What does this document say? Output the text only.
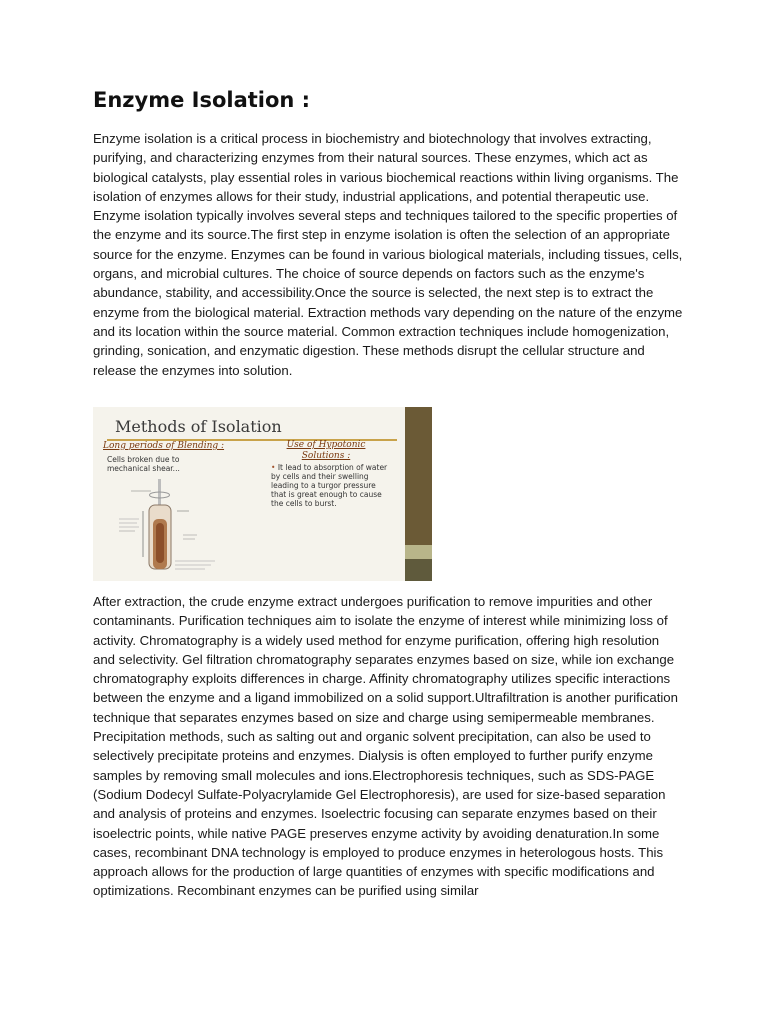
Enzyme Isolation :

Enzyme isolation is a critical process in biochemistry and biotechnology that involves extracting, purifying, and characterizing enzymes from their natural sources. These enzymes, which act as biological catalysts, play essential roles in various biochemical reactions within living organisms. The isolation of enzymes allows for their study, industrial applications, and potential therapeutic use. Enzyme isolation typically involves several steps and techniques tailored to the specific properties of the enzyme and its source.The first step in enzyme isolation is often the selection of an appropriate source for the enzyme. Enzymes can be found in various biological materials, including tissues, cells, organs, and microbial cultures. The choice of source depends on factors such as the enzyme's abundance, stability, and accessibility.Once the source is selected, the next step is to extract the enzyme from the biological material. Extraction methods vary depending on the nature of the enzyme and its location within the source material. Common extraction techniques include homogenization, grinding, sonication, and enzymatic digestion. These methods disrupt the cellular structure and release the enzymes into solution.

Methods of Isolation
Long periods of Blending :	Use of Hypotonic Solutions :
Cells broken due to mechanical shear...	• It lead to absorption of water by cells and their swelling leading to a turgor pressure that is great enough to cause the cells to burst.

After extraction, the crude enzyme extract undergoes purification to remove impurities and other contaminants. Purification techniques aim to isolate the enzyme of interest while minimizing loss of activity. Chromatography is a widely used method for enzyme purification, offering high resolution and selectivity. Gel filtration chromatography separates enzymes based on size, while ion exchange chromatography exploits differences in charge. Affinity chromatography utilizes specific interactions between the enzyme and a ligand immobilized on a solid support.Ultrafiltration is another purification technique that separates enzymes based on size and charge using semipermeable membranes. Precipitation methods, such as salting out and organic solvent precipitation, can also be used to selectively precipitate proteins and enzymes. Dialysis is often employed to further purify enzyme samples by removing small molecules and ions.Electrophoresis techniques, such as SDS-PAGE (Sodium Dodecyl Sulfate-Polyacrylamide Gel Electrophoresis), are used for size-based separation and analysis of proteins and enzymes. Isoelectric focusing can separate enzymes based on their isoelectric points, while native PAGE preserves enzyme activity by avoiding denaturation.In some cases, recombinant DNA technology is employed to produce enzymes in heterologous hosts. This approach allows for the production of large quantities of enzymes with specific modifications and optimizations. Recombinant enzymes can be purified using similar
